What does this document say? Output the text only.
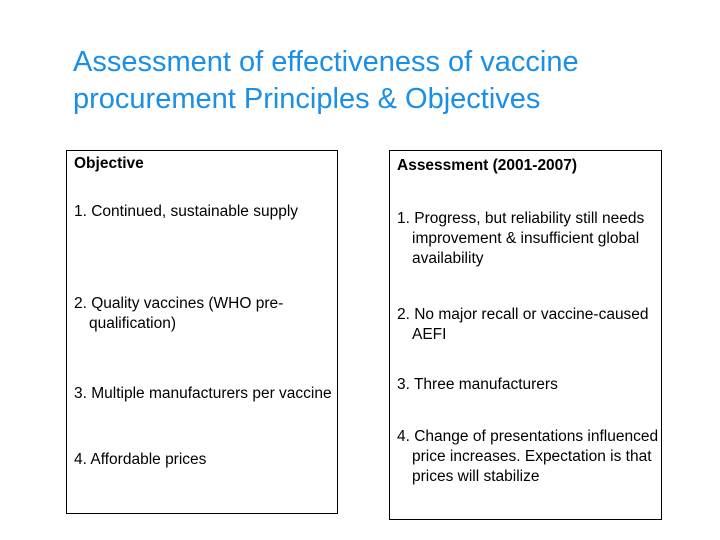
Assessment of effectiveness of vaccine procurement Principles & Objectives

Objective

1. Continued, sustainable supply

2. Quality vaccines (WHO pre-qualification)

3. Multiple manufacturers per vaccine

4. Affordable prices

Assessment (2001-2007)

1. Progress, but reliability still needs improvement & insufficient global availability

2. No major recall or vaccine-caused AEFI

3. Three manufacturers

4. Change of presentations influenced price increases. Expectation is that prices will stabilize
